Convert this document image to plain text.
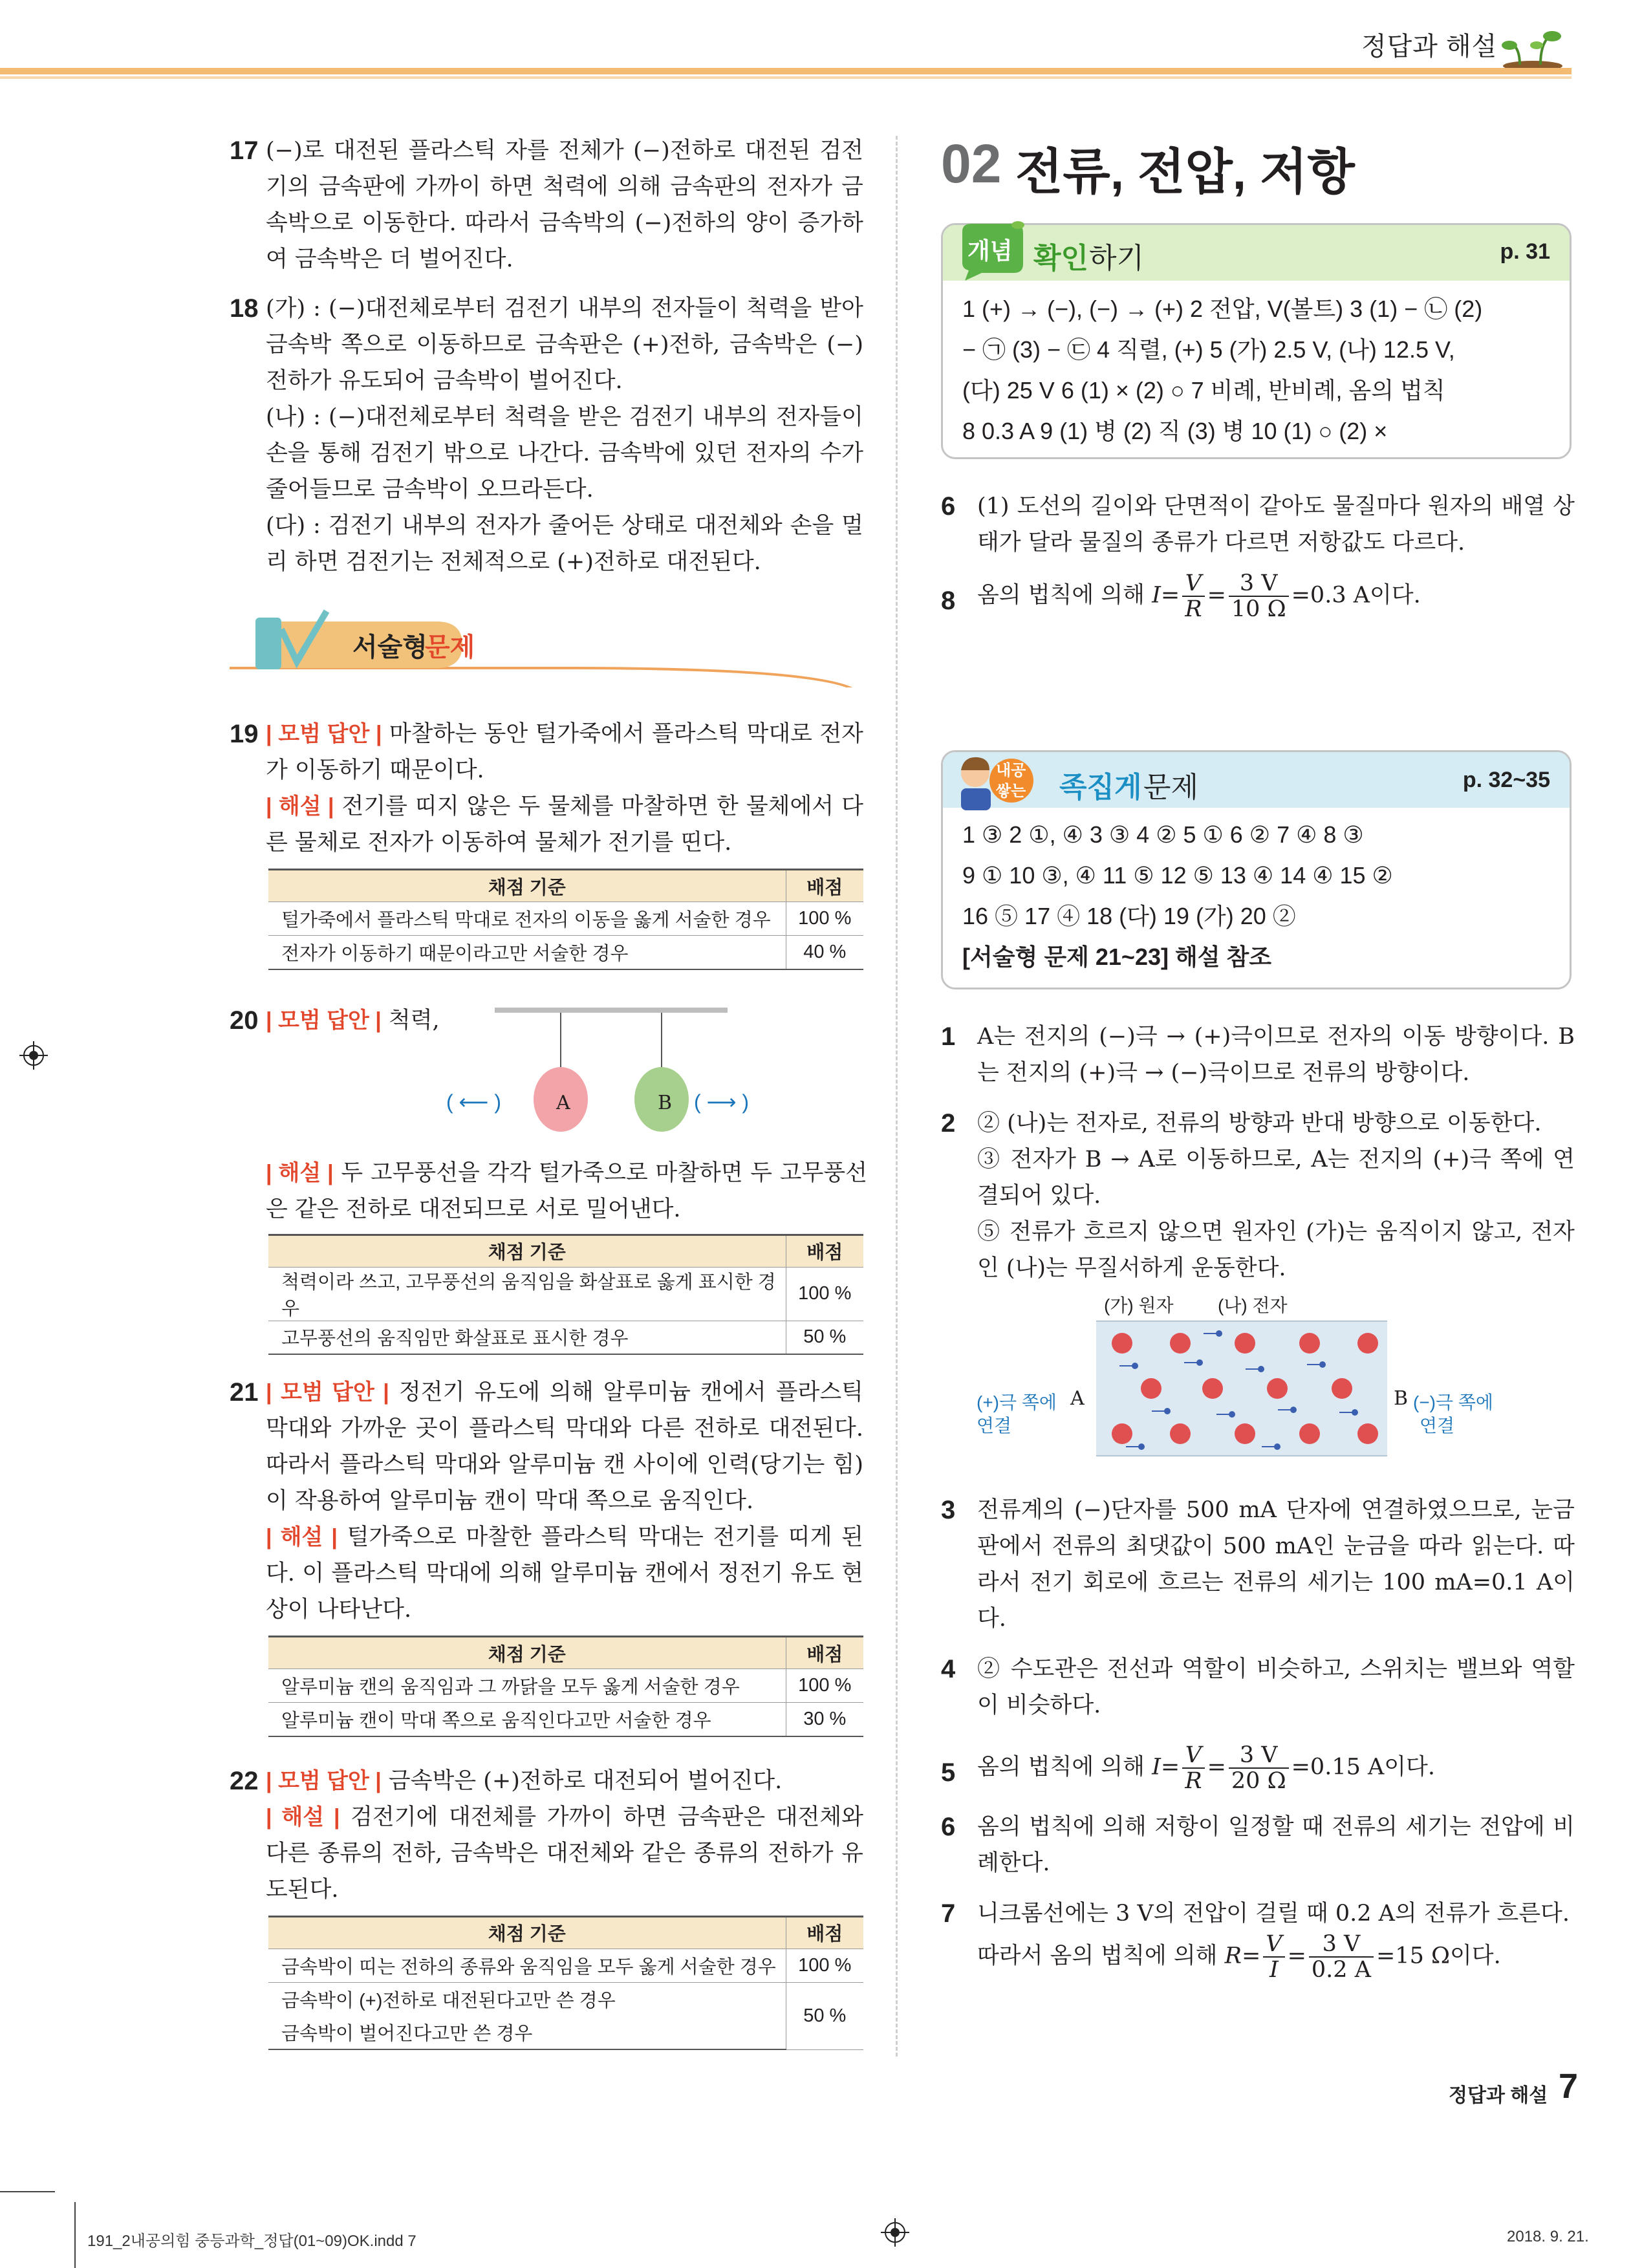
정답과 해설
17 (−)로 대전된 플라스틱 자를 전체가 (−)전하로 대전된 검전기의 금속판에 가까이 하면 척력에 의해 금속판의 전자가 금속박으로 이동한다. 따라서 금속박의 (−)전하의 양이 증가하여 금속박은 더 벌어진다.

18 (가) : (−)대전체로부터 검전기 내부의 전자들이 척력을 받아 금속박 쪽으로 이동하므로 금속판은 (+)전하, 금속박은 (−)전하가 유도되어 금속박이 벌어진다.

(나) : (−)대전체로부터 척력을 받은 검전기 내부의 전자들이 손을 통해 검전기 밖으로 나간다. 금속박에 있던 전자의 수가 줄어들므로 금속박이 오므라든다.

(다) : 검전기 내부의 전자가 줄어든 상태로 대전체와 손을 멀리 하면 검전기는 전체적으로 (+)전하로 대전된다.

서술형
문제
19 | 모범 답안 | 마찰하는 동안 털가죽에서 플라스틱 막대로 전자가 이동하기 때문이다.

| 해설 | 전기를 띠지 않은 두 물체를 마찰하면 한 물체에서 다른 물체로 전자가 이동하여 물체가 전기를 띤다.

채점 기준	배점
털가죽에서 플라스틱 막대로 전자의 이동을 옳게 서술한 경우	100 %
전자가 이동하기 때문이라고만 서술한 경우	40 %
20 | 모범 답안 | 척력,

A	B
( ⟵ )	( ⟶ )

| 해설 | 두 고무풍선을 각각 털가죽으로 마찰하면 두 고무풍선은 같은 전하로 대전되므로 서로 밀어낸다.

채점 기준	배점
척력이라 쓰고, 고무풍선의 움직임을 화살표로 옳게 표시한 경우	100 %
고무풍선의 움직임만 화살표로 표시한 경우	50 %
21 | 모범 답안 | 정전기 유도에 의해 알루미늄 캔에서 플라스틱 막대와 가까운 곳이 플라스틱 막대와 다른 전하로 대전된다. 따라서 플라스틱 막대와 알루미늄 캔 사이에 인력(당기는 힘)이 작용하여 알루미늄 캔이 막대 쪽으로 움직인다.

| 해설 | 털가죽으로 마찰한 플라스틱 막대는 전기를 띠게 된다. 이 플라스틱 막대에 의해 알루미늄 캔에서 정전기 유도 현상이 나타난다.

채점 기준	배점
알루미늄 캔의 움직임과 그 까닭을 모두 옳게 서술한 경우	100 %
알루미늄 캔이 막대 쪽으로 움직인다고만 서술한 경우	30 %
22 | 모범 답안 | 금속박은 (+)전하로 대전되어 벌어진다.

| 해설 | 검전기에 대전체를 가까이 하면 금속판은 대전체와 다른 종류의 전하, 금속박은 대전체와 같은 종류의 전하가 유도된다.

채점 기준	배점
금속박이 띠는 전하의 종류와 움직임을 모두 옳게 서술한 경우	100 %
금속박이 (+)전하로 대전된다고만 쓴 경우	50 %
금속박이 벌어진다고만 쓴 경우	
02 전류, 전압, 저항
개념 확인 하기	p. 31
1 (+) → (−), (−) → (+) 2 전압, V(볼트) 3 (1) − ㉡ (2)
− ㉠ (3) − ㉢ 4 직렬, (+) 5 (가) 2.5 V, (나) 12.5 V,
(다) 25 V 6 (1) × (2) ○ 7 비례, 반비례, 옴의 법칙
8 0.3 A 9 (1) 병 (2) 직 (3) 병 10 (1) ○ (2) ×
6 (1) 도선의 길이와 단면적이 같아도 물질마다 원자의 배열 상태가 달라 물질의 종류가 다르면 저항값도 다르다.

8 옴의 법칙에 의해 $I= \frac{V}{R} = \frac{3 V}{10 \Omega} =0.3$ A이다.
내공
쌓는 족집게 문제	p. 32~35
1 ③ 2 ①, ④ 3 ③ 4 ② 5 ① 6 ② 7 ④ 8 ③
9 ① 10 ③, ④ 11 ⑤ 12 ⑤ 13 ④ 14 ④ 15 ②
16 ⑤ 17 ④ 18 (다) 19 (가) 20 ②
[서술형 문제 21~23] 해설 참조
1 A는 전지의 (−)극 → (+)극이므로 전자의 이동 방향이다. B는 전지의 (+)극 → (−)극이므로 전류의 방향이다.

2 ② (나)는 전자로, 전류의 방향과 반대 방향으로 이동한다.

③ 전자가 B → A로 이동하므로, A는 전지의 (+)극 쪽에 연결되어 있다.

⑤ 전류가 흐르지 않으면 원자인 (가)는 움직이지 않고, 전자인 (나)는 무질서하게 운동한다.

(가) 원자 (나) 전자
(+)극 쪽에 A
연결
B (−)극 쪽에
연결
3 전류계의 (−)단자를 500 mA 단자에 연결하였으므로, 눈금판에서 전류의 최댓값이 500 mA인 눈금을 따라 읽는다. 따라서 전기 회로에 흐르는 전류의 세기는 100 mA=0.1 A이다.

4 ② 수도관은 전선과 역할이 비슷하고, 스위치는 밸브와 역할이 비슷하다.

5 옴의 법칙에 의해 $I= \frac{V}{R} = \frac{3 V}{20 \Omega} =0.15$ A이다.
6 옴의 법칙에 의해 저항이 일정할 때 전류의 세기는 전압에 비례한다.

7 니크롬선에는 3 V의 전압이 걸릴 때 0.2 A의 전류가 흐른다.

따라서 옴의 법칙에 의해 $R= \frac{V}{I} = \frac{3 V}{0.2 A} =15$ Ω이다.

정답과 해설 7
191_2내공의힘 중등과학_정답(01~09)OK.indd 7	2018. 9. 21.
